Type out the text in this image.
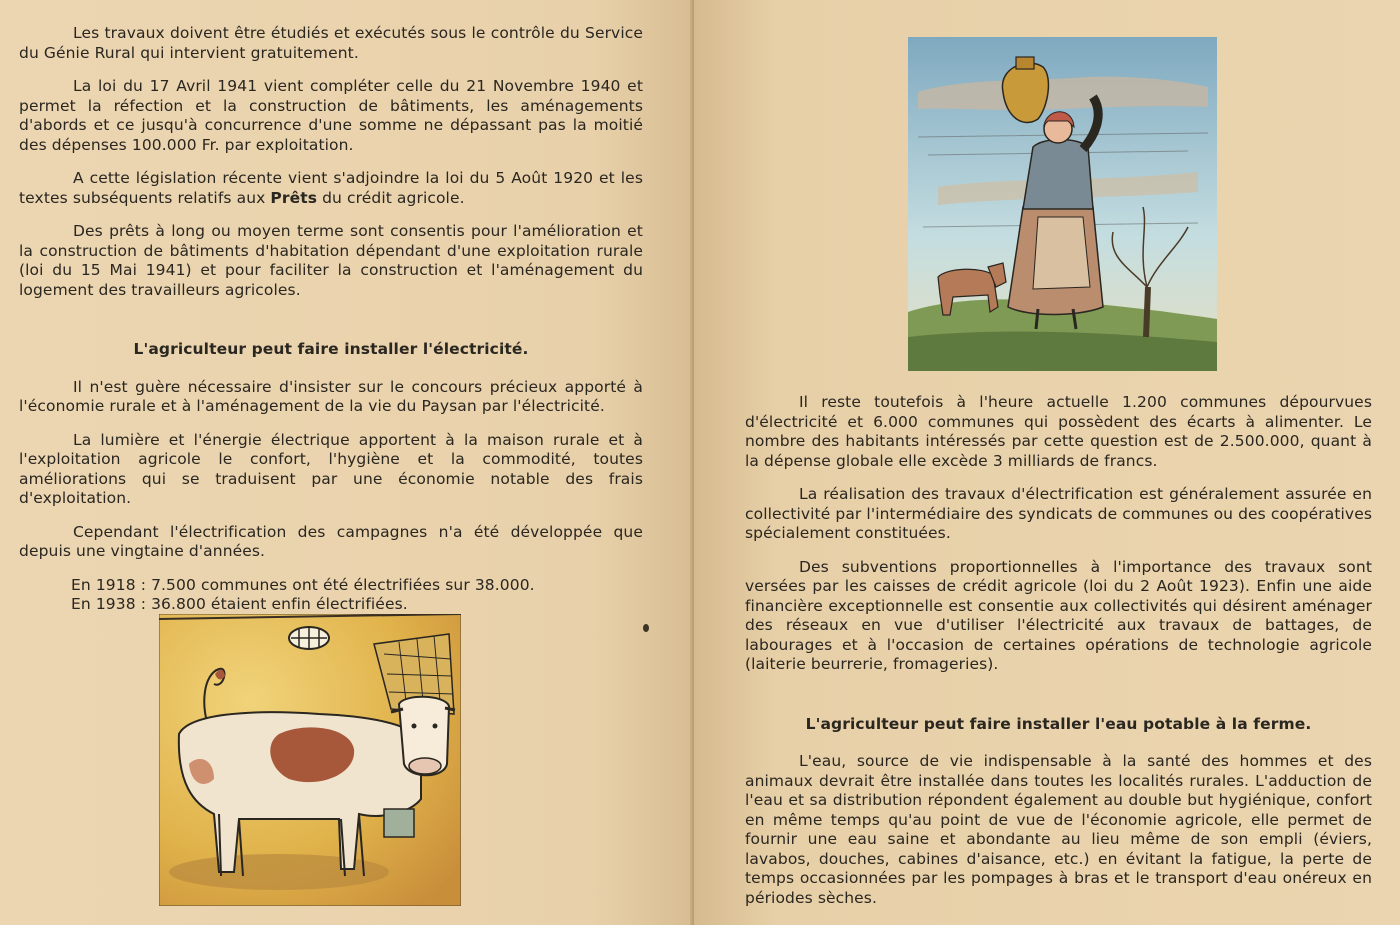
Les travaux doivent être étudiés et exécutés sous le contrôle du Service du Génie Rural qui intervient gratuitement.

La loi du 17 Avril 1941 vient compléter celle du 21 Novembre 1940 et permet la réfection et la construction de bâtiments, les aménagements d'abords et ce jusqu'à concurrence d'une somme ne dépassant pas la moitié des dépenses 100.000 Fr. par exploitation.

A cette législation récente vient s'adjoindre la loi du 5 Août 1920 et les textes subséquents relatifs aux Prêts du crédit agricole.

Des prêts à long ou moyen terme sont consentis pour l'amélioration et la construction de bâtiments d'habitation dépendant d'une exploitation rurale (loi du 15 Mai 1941) et pour faciliter la construction et l'aménagement du logement des travailleurs agricoles.

L'agriculteur peut faire installer l'électricité.

Il n'est guère nécessaire d'insister sur le concours précieux apporté à l'économie rurale et à l'aménagement de la vie du Paysan par l'électricité.

La lumière et l'énergie électrique apportent à la maison rurale et à l'exploitation agricole le confort, l'hygiène et la commodité, toutes améliorations qui se traduisent par une économie notable des frais d'exploitation.

Cependant l'électrification des campagnes n'a été développée que depuis une vingtaine d'années.

En 1918 : 7.500 communes ont été électrifiées sur 38.000.
En 1938 : 36.800 étaient enfin électrifiées.

Il reste toutefois à l'heure actuelle 1.200 communes dépourvues d'électricité et 6.000 communes qui possèdent des écarts à alimenter. Le nombre des habitants intéressés par cette question est de 2.500.000, quant à la dépense globale elle excède 3 milliards de francs.

La réalisation des travaux d'électrification est généralement assurée en collectivité par l'intermédiaire des syndicats de communes ou des coopératives spécialement constituées.

Des subventions proportionnelles à l'importance des travaux sont versées par les caisses de crédit agricole (loi du 2 Août 1923). Enfin une aide financière exceptionnelle est consentie aux collectivités qui désirent aménager des réseaux en vue d'utiliser l'électricité aux travaux de battages, de labourages et à l'occasion de certaines opérations de technologie agricole (laiterie beurrerie, fromageries).

L'agriculteur peut faire installer l'eau potable à la ferme.

L'eau, source de vie indispensable à la santé des hommes et des animaux devrait être installée dans toutes les localités rurales. L'adduction de l'eau et sa distribution répondent également au double but hygiénique, confort en même temps qu'au point de vue de l'économie agricole, elle permet de fournir une eau saine et abondante au lieu même de son empli (éviers, lavabos, douches, cabines d'aisance, etc.) en évitant la fatigue, la perte de temps occasionnées par les pompages à bras et le transport d'eau onéreux en périodes sèches.
